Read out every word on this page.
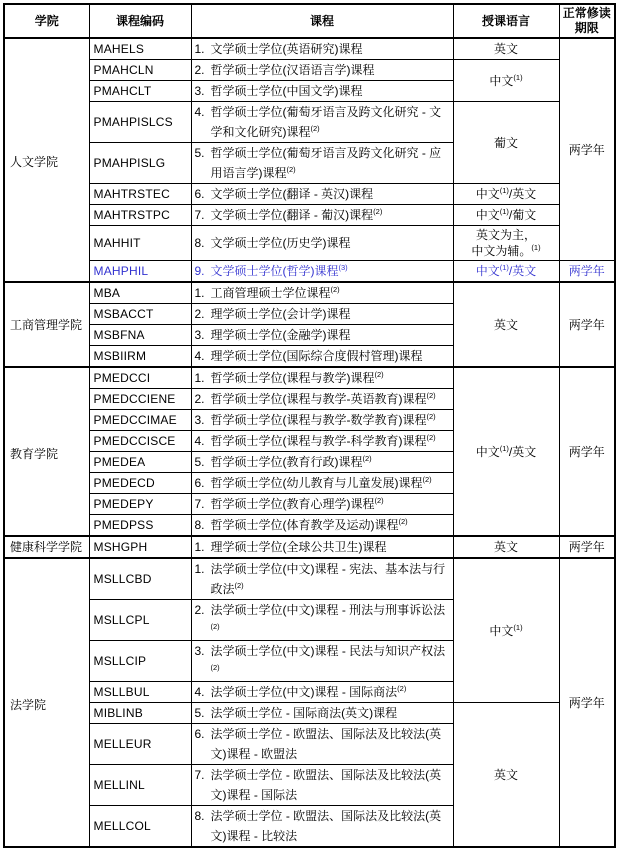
学院	课程编码	课程	授课语言	正常修读期限
人文学院	MAHELS	1. 文学硕士学位(英语研究)课程	英文	两学年
	PMAHCLN	2. 哲学硕士学位(汉语语言学)课程	中文$^{(1)}$
	PMAHCLT	3. 哲学硕士学位(中国文学)课程		

	PMAHPISLCS	4. 哲学硕士学位(葡萄牙语言及跨文化研究 - 文学和文化研究)课程$^{(2)}$	葡文	
	PMAHPISLG	5. 哲学硕士学位(葡萄牙语言及跨文化研究 - 应用语言学)课程$^{(2)}$

	MAHTRSTEC	6. 文学硕士学位(翻译 - 英汉)课程	中文$^{(1)}$/英文	
	MAHTRSTPC	7. 文学硕士学位(翻译 - 葡汉)课程$^{(2)}$	中文$^{(1)}$/葡文	
	MAHHIT	8. 文学硕士学位(历史学)课程	英文为主，
中文为辅。$^{(1)}$
	MAHPHIL	9. 文学硕士学位(哲学)课程$^{(3)}$	中文$^{(1)}$/英文	两学年
工商管理学院	MBA	1. 工商管理硕士学位课程$^{(2)}$	英文	两学年
	MSBACCT	2. 理学硕士学位(会计学)课程		

	MSBFNA	3. 理学硕士学位(金融学)课程		

	MSBIIRM	4. 理学硕士学位(国际综合度假村管理)课程		

教育学院	PMEDCCI	1. 哲学硕士学位(课程与教学)课程$^{(2)}$	中文$^{(1)}$/英文	两学年
	PMEDCCIENE	2. 哲学硕士学位(课程与教学-英语教育)课程$^{(2)}$

	PMEDCCIMAE	3. 哲学硕士学位(课程与教学-数学教育)课程$^{(2)}$

	PMEDCCISCE	4. 哲学硕士学位(课程与教学-科学教育)课程$^{(2)}$

	PMEDEA	5. 哲学硕士学位(教育行政)课程$^{(2)}$

	PMEDECD	6. 哲学硕士学位(幼儿教育与儿童发展)课程$^{(2)}$

	PMEDEPY	7. 哲学硕士学位(教育心理学)课程$^{(2)}$

	PMEDPSS	8. 哲学硕士学位(体育教学及运动)课程$^{(2)}$

健康科学学院	MSHGPH	1. 理学硕士学位(全球公共卫生)课程	英文	两学年
法学院	MSLLCBD	1. 法学硕士学位(中文)课程 - 宪法、基本法与行政法$^{(2)}$	中文$^{(1)}$	两学年
	MSLLCPL	2. 法学硕士学位(中文)课程 - 刑法与刑事诉讼法$^{(2)}$

	MSLLCIP	3. 法学硕士学位(中文)课程 - 民法与知识产权法$^{(2)}$

	MSLLBUL	4. 法学硕士学位(中文)课程 - 国际商法$^{(2)}$

	MIBLINB	5. 法学硕士学位 - 国际商法(英文)课程	英文	
	MELLEUR	6. 法学硕士学位 - 欧盟法、国际法及比较法(英文)课程 - 欧盟法		

	MELLINL	7. 法学硕士学位 - 欧盟法、国际法及比较法(英文)课程 - 国际法		

	MELLCOL	8. 法学硕士学位 - 欧盟法、国际法及比较法(英文)课程 - 比较法		
